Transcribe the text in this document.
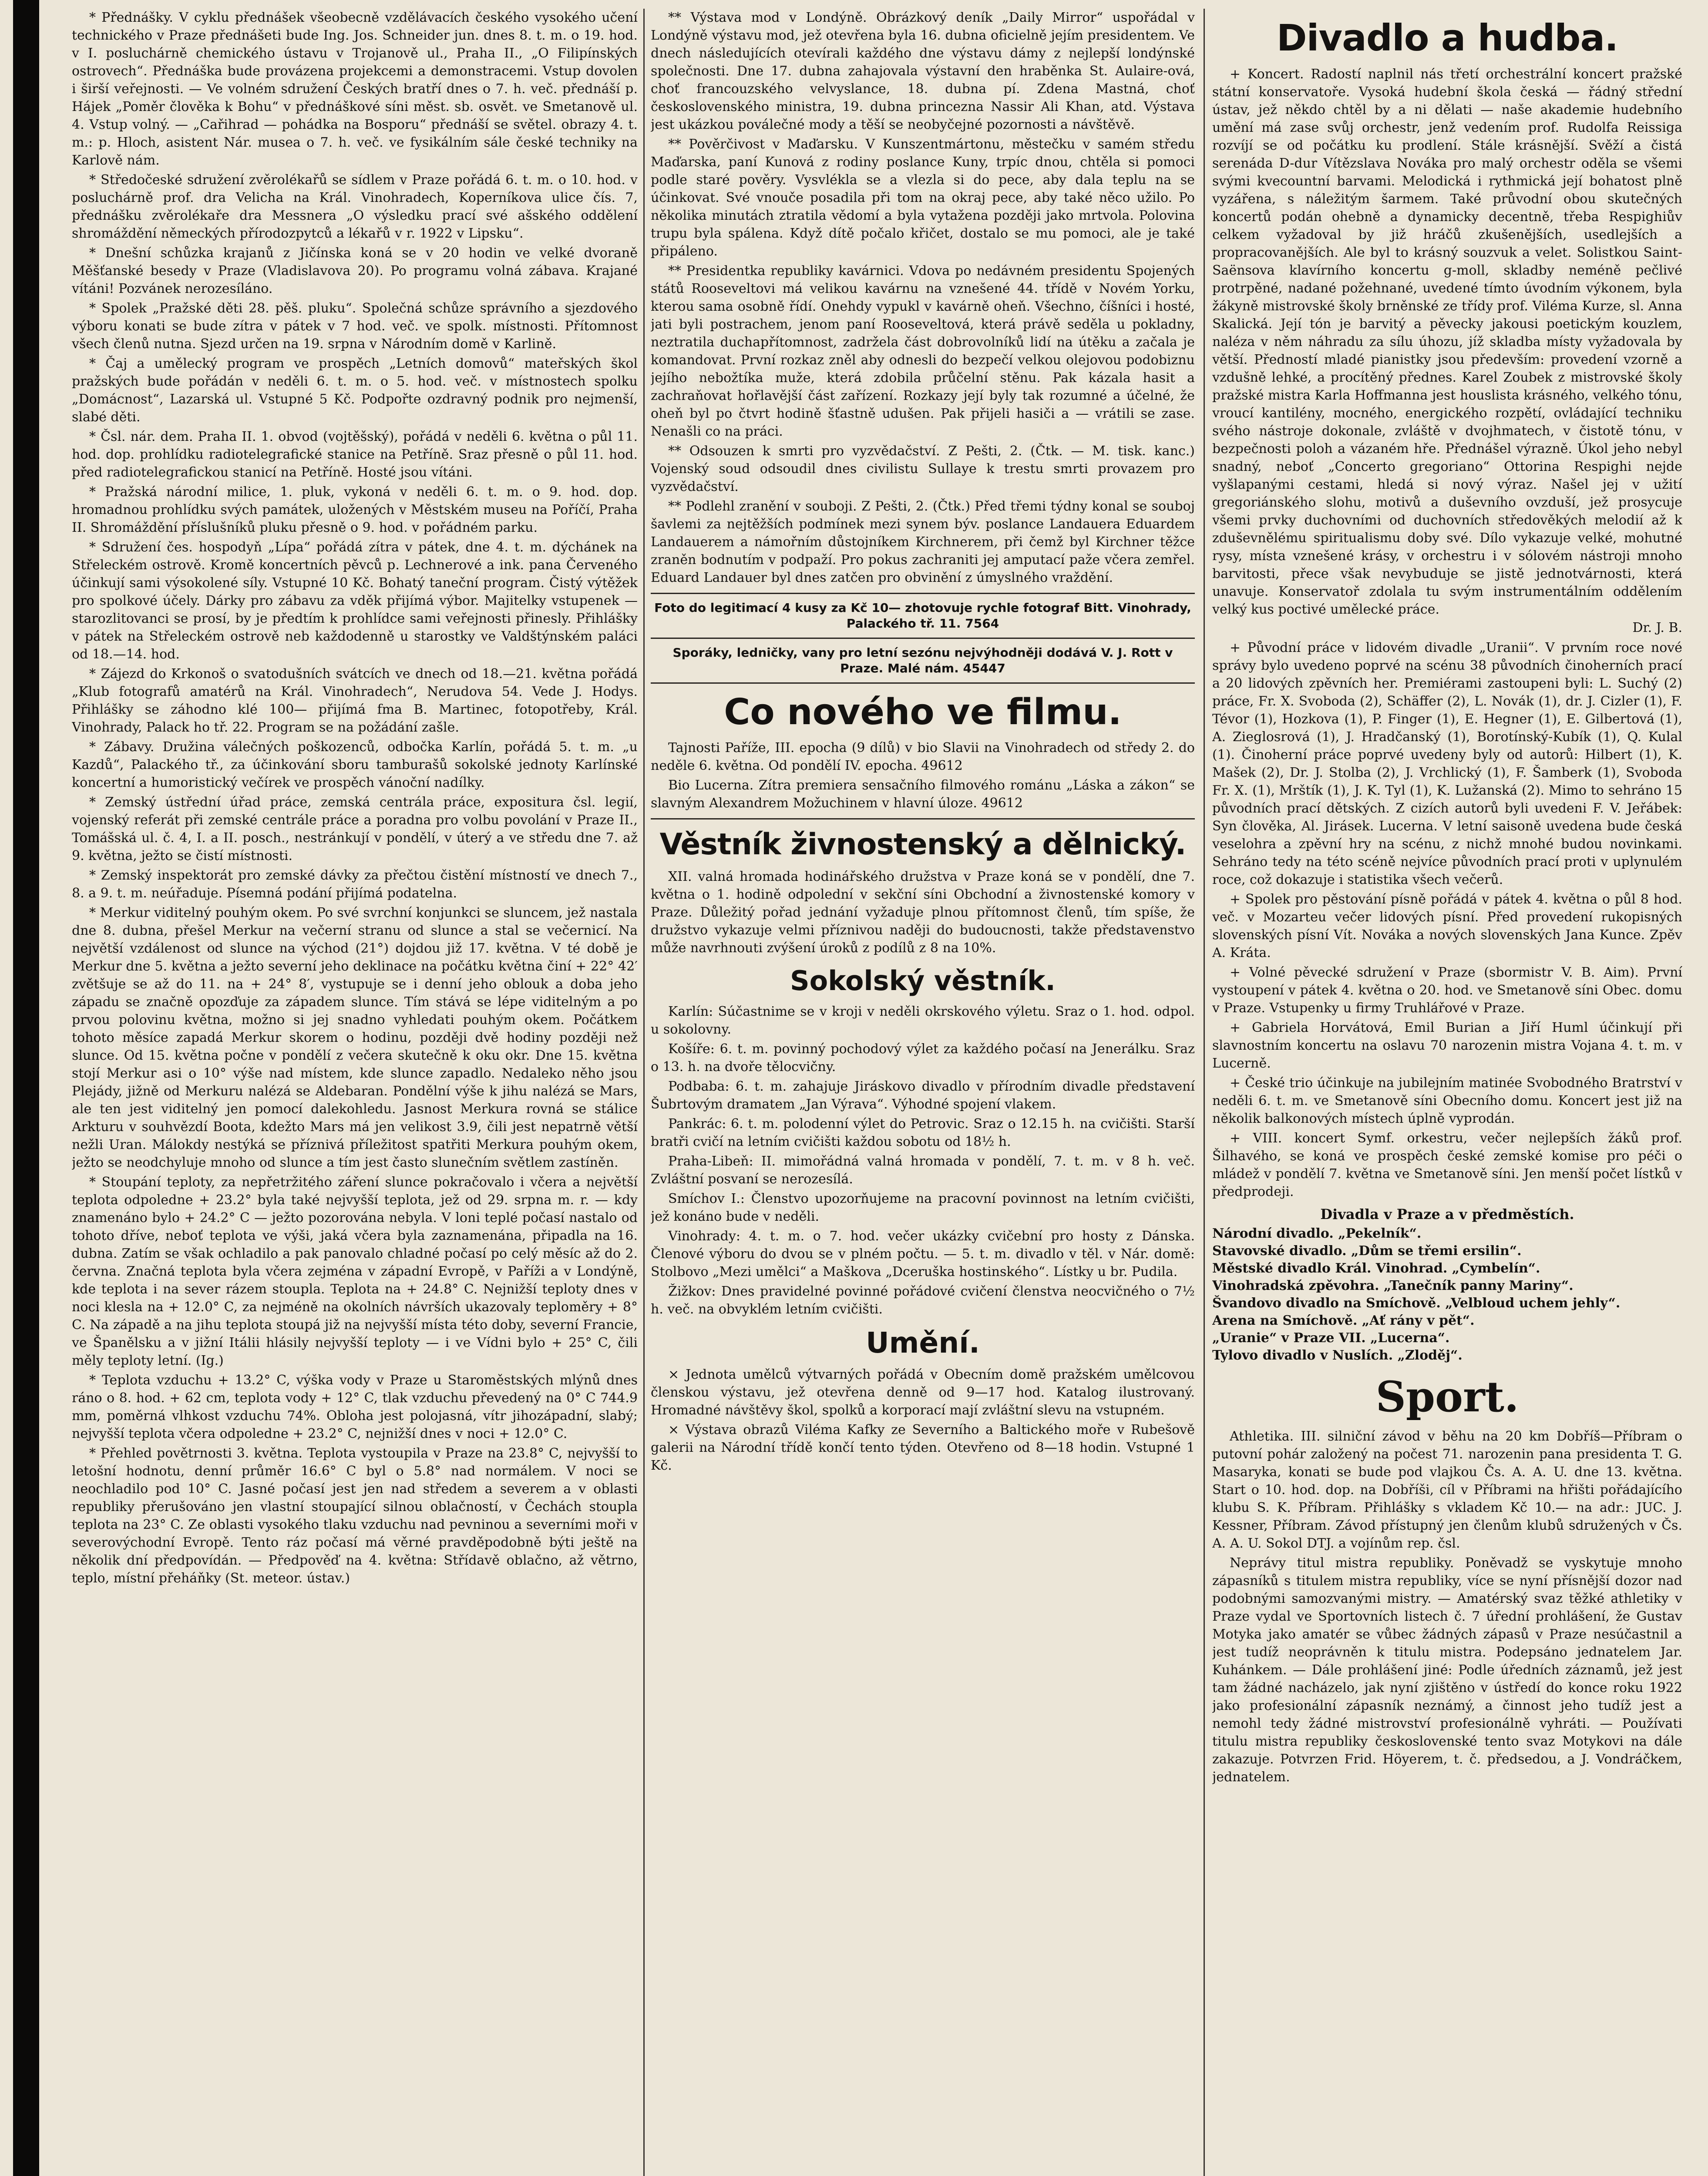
* Přednášky. V cyklu přednášek všeobecně vzdělávacích českého vysokého učení technického v Praze přednášeti bude Ing. Jos. Schneider jun. dnes 8. t. m. o 19. hod. v I. posluchárně chemického ústavu v Trojanově ul., Praha II., „O Filipínských ostrovech“. Přednáška bude provázena projekcemi a demonstracemi. Vstup dovolen i širší veřejnosti. — Ve volném sdružení Českých bratří dnes o 7. h. več. přednáší p. Hájek „Poměr člověka k Bohu“ v přednáškové síni měst. sb. osvět. ve Smetanově ul. 4. Vstup volný. — „Cařihrad — pohádka na Bosporu“ přednáší se světel. obrazy 4. t. m.: p. Hloch, asistent Nár. musea o 7. h. več. ve fysikálním sále české techniky na Karlově nám.

* Středočeské sdružení zvěrolékařů se sídlem v Praze pořádá 6. t. m. o 10. hod. v posluchárně prof. dra Velicha na Král. Vinohradech, Koperníkova ulice čís. 7, přednášku zvěrolékaře dra Messnera „O výsledku prací své ašského oddělení shromáždění německých přírodozpytců a lékařů v r. 1922 v Lipsku“.

* Dnešní schůzka krajanů z Jičínska koná se v 20 hodin ve velké dvoraně Měšťanské besedy v Praze (Vladislavova 20). Po programu volná zábava. Krajané vítáni! Pozvánek nerozesíláno.

* Spolek „Pražské děti 28. pěš. pluku“. Společná schůze správního a sjezdového výboru konati se bude zítra v pátek v 7 hod. več. ve spolk. místnosti. Přítomnost všech členů nutna. Sjezd určen na 19. srpna v Národním domě v Karlině.

* Čaj a umělecký program ve prospěch „Letních domovů“ mateřských škol pražských bude pořádán v neděli 6. t. m. o 5. hod. več. v místnostech spolku „Domácnost“, Lazarská ul. Vstupné 5 Kč. Podpořte ozdravný podnik pro nejmenší, slabé děti.

* Čsl. nár. dem. Praha II. 1. obvod (vojtěšský), pořádá v neděli 6. května o půl 11. hod. dop. prohlídku radiotelegrafické stanice na Petříně. Sraz přesně o půl 11. hod. před radiotelegrafickou stanicí na Petříně. Hosté jsou vítáni.

* Pražská národní milice, 1. pluk, vykoná v neděli 6. t. m. o 9. hod. dop. hromadnou prohlídku svých památek, uložených v Městském museu na Poříčí, Praha II. Shromáždění příslušníků pluku přesně o 9. hod. v pořádném parku.

* Sdružení čes. hospodyň „Lípa“ pořádá zítra v pátek, dne 4. t. m. dýchánek na Střeleckém ostrově. Kromě koncertních pěvců p. Lechnerové a ink. pana Červeného účinkují sami výsokolené síly. Vstupné 10 Kč. Bohatý taneční program. Čistý výtěžek pro spolkové účely. Dárky pro zábavu za vděk přijímá výbor. Majitelky vstupenek — starozlitovanci se prosí, by je předtím k prohlídce sami veřejnosti přinesly. Přihlášky v pátek na Střeleckém ostrově neb každodenně u starostky ve Valdštýnském paláci od 18.—14. hod.

* Zájezd do Krkonoš o svatodušních svátcích ve dnech od 18.—21. května pořádá „Klub fotografů amatérů na Král. Vinohradech“, Nerudova 54. Vede J. Hodys. Přihlášky se záhodno klé 100— přijímá fma B. Martinec, fotopotřeby, Král. Vinohrady, Palack ho tř. 22. Program se na požádání zašle.

* Zábavy. Družina válečných poškozenců, odbočka Karlín, pořádá 5. t. m. „u Kazdů“, Palackého tř., za účinkování sboru tamburašů sokolské jednoty Karlínské koncertní a humoristický večírek ve prospěch vánoční nadílky.

* Zemský ústřední úřad práce, zemská centrála práce, expositura čsl. legií, vojenský referát při zemské centrále práce a poradna pro volbu povolání v Praze II., Tomášská ul. č. 4, I. a II. posch., nestránkují v pondělí, v úterý a ve středu dne 7. až 9. května, ježto se čistí místnosti.

* Zemský inspektorát pro zemské dávky za přečtou čistění místností ve dnech 7., 8. a 9. t. m. neúřaduje. Písemná podání přijímá podatelna.

* Merkur viditelný pouhým okem. Po své svrchní konjunkci se sluncem, jež nastala dne 8. dubna, přešel Merkur na večerní stranu od slunce a stal se večernicí. Na největší vzdálenost od slunce na východ (21°) dojdou již 17. května. V té době je Merkur dne 5. května a ježto severní jeho deklinace na počátku května činí + 22° 42′ zvětšuje se až do 11. na + 24° 8′, vystupuje se i denní jeho oblouk a doba jeho západu se značně opozďuje za západem slunce. Tím stává se lépe viditelným a po prvou polovinu května, možno si jej snadno vyhledati pouhým okem. Počátkem tohoto měsíce zapadá Merkur skorem o hodinu, později dvě hodiny později než slunce. Od 15. května počne v pondělí z večera skutečně k oku okr. Dne 15. května stojí Merkur asi o 10° výše nad místem, kde slunce zapadlo. Nedaleko něho jsou Plejády, jižně od Merkuru nalézá se Aldebaran. Pondělní výše k jihu nalézá se Mars, ale ten jest viditelný jen pomocí dalekohledu. Jasnost Merkura rovná se stálice Arkturu v souhvězdí Boota, kdežto Mars má jen velikost 3.9, čili jest nepatrně větší nežli Uran. Málokdy nestýká se příznivá příležitost spatřiti Merkura pouhým okem, ježto se neodchyluje mnoho od slunce a tím jest často slunečním světlem zastíněn.

* Stoupání teploty, za nepřetržitého záření slunce pokračovalo i včera a největší teplota odpoledne + 23.2° byla také nejvyšší teplota, jež od 29. srpna m. r. — kdy znamenáno bylo + 24.2° C — ježto pozorována nebyla. V loni teplé počasí nastalo od tohoto dříve, neboť teplota ve výši, jaká včera byla zaznamenána, připadla na 16. dubna. Zatím se však ochladilo a pak panovalo chladné počasí po celý měsíc až do 2. června. Značná teplota byla včera zejména v západní Evropě, v Paříži a v Londýně, kde teplota i na sever rázem stoupla. Teplota na + 24.8° C. Nejnižší teploty dnes v noci klesla na + 12.0° C, za nejméně na okolních návrších ukazovaly teploměry + 8° C. Na západě a na jihu teplota stoupá již na nejvyšší místa této doby, severní Francie, ve Španělsku a v jižní Itálii hlásily nejvyšší teploty — i ve Vídni bylo + 25° C, čili měly teploty letní. (Ig.)

* Teplota vzduchu + 13.2° C, výška vody v Praze u Staroměstských mlýnů dnes ráno o 8. hod. + 62 cm, teplota vody + 12° C, tlak vzduchu převedený na 0° C 744.9 mm, poměrná vlhkost vzduchu 74%. Obloha jest polojasná, vítr jihozápadní, slabý; nejvyšší teplota včera odpoledne + 23.2° C, nejnižší dnes v noci + 12.0° C.

* Přehled povětrnosti 3. května. Teplota vystoupila v Praze na 23.8° C, nejvyšší to letošní hodnotu, denní průměr 16.6° C byl o 5.8° nad normálem. V noci se neochladilo pod 10° C. Jasné počasí jest jen nad středem a severem a v oblasti republiky přerušováno jen vlastní stoupající silnou oblačností, v Čechách stoupla teplota na 23° C. Ze oblasti vysokého tlaku vzduchu nad pevninou a severními moři v severovýchodní Evropě. Tento ráz počasí má věrné pravděpodobně býti ještě na několik dní předpovídán. — Předpověď na 4. května: Střídavě oblačno, až větrno, teplo, místní přeháňky (St. meteor. ústav.)

** Výstava mod v Londýně. Obrázkový deník „Daily Mirror“ uspořádal v Londýně výstavu mod, jež otevřena byla 16. dubna oficielně jejím presidentem. Ve dnech následujících otevírali každého dne výstavu dámy z nejlepší londýnské společnosti. Dne 17. dubna zahajovala výstavní den hraběnka St. Aulaire-ová, choť francouzského velvyslance, 18. dubna pí. Zdena Mastná, choť československého ministra, 19. dubna princezna Nassir Ali Khan, atd. Výstava jest ukázkou poválečné mody a těší se neobyčejné pozornosti a návštěvě.

** Pověrčivost v Maďarsku. V Kunszentmártonu, městečku v samém středu Maďarska, paní Kunová z rodiny poslance Kuny, trpíc dnou, chtěla si pomoci podle staré pověry. Vysvlékla se a vlezla si do pece, aby dala teplu na se účinkovat. Své vnouče posadila při tom na okraj pece, aby také něco užilo. Po několika minutách ztratila vědomí a byla vytažena později jako mrtvola. Polovina trupu byla spálena. Když dítě počalo křičet, dostalo se mu pomoci, ale je také připáleno.

** Presidentka republiky kavárnici. Vdova po nedávném presidentu Spojených států Rooseveltovi má velikou kavárnu na vznešené 44. třídě v Novém Yorku, kterou sama osobně řídí. Onehdy vypukl v kavárně oheň. Všechno, číšníci i hosté, jati byli postrachem, jenom paní Rooseveltová, která právě seděla u pokladny, neztratila duchapřítomnost, zadržela část dobrovolníků lidí na útěku a začala je komandovat. První rozkaz zněl aby odnesli do bezpečí velkou olejovou podobiznu jejího nebožtíka muže, která zdobila průčelní stěnu. Pak kázala hasit a zachraňovat hořlavější část zařízení. Rozkazy její byly tak rozumné a účelné, že oheň byl po čtvrt hodině šťastně udušen. Pak přijeli hasiči a — vrátili se zase. Nenašli co na práci.

** Odsouzen k smrti pro vyzvědačství. Z Pešti, 2. (Čtk. — M. tisk. kanc.) Vojenský soud odsoudil dnes civilistu Sullaye k trestu smrti provazem pro vyzvědačství.

** Podlehl zranění v souboji. Z Pešti, 2. (Čtk.) Před třemi týdny konal se souboj šavlemi za nejtěžších podmínek mezi synem býv. poslance Landauera Eduardem Landauerem a námořním důstojníkem Kirchnerem, při čemž byl Kirchner těžce zraněn bodnutím v podpaží. Pro pokus zachraniti jej amputací paže včera zemřel. Eduard Landauer byl dnes zatčen pro obvinění z úmyslného vraždění.

Foto do legitimací 4 kusy za Kč 10— zhotovuje rychle fotograf Bitt. Vinohrady, Palackého tř. 11. 7564

Sporáky, ledničky, vany pro letní sezónu nejvýhodněji dodává V. J. Rott v Praze. Malé nám. 45447

Co nového ve filmu.

Tajnosti Paříže, III. epocha (9 dílů) v bio Slavii na Vinohradech od středy 2. do neděle 6. května. Od pondělí IV. epocha. 49612

Bio Lucerna. Zítra premiera sensačního filmového románu „Láska a zákon“ se slavným Alexandrem Možuchinem v hlavní úloze. 49612

Věstník živnostenský a dělnický.

XII. valná hromada hodinářského družstva v Praze koná se v pondělí, dne 7. května o 1. hodině odpolední v sekční síni Obchodní a živnostenské komory v Praze. Důležitý pořad jednání vyžaduje plnou přítomnost členů, tím spíše, že družstvo vykazuje velmi příznivou naději do budoucnosti, takže představenstvo může navrhnouti zvýšení úroků z podílů z 8 na 10%.

Sokolský věstník.

Karlín: Súčastnime se v kroji v neděli okrskového výletu. Sraz o 1. hod. odpol. u sokolovny.

Košíře: 6. t. m. povinný pochodový výlet za každého počasí na Jenerálku. Sraz o 13. h. na dvoře tělocvičny.

Podbaba: 6. t. m. zahajuje Jiráskovo divadlo v přírodním divadle představení Šubrtovým dramatem „Jan Výrava“. Výhodné spojení vlakem.

Pankrác: 6. t. m. polodenní výlet do Petrovic. Sraz o 12.15 h. na cvičišti. Starší bratři cvičí na letním cvičišti každou sobotu od 18½ h.

Praha-Libeň: II. mimořádná valná hromada v pondělí, 7. t. m. v 8 h. več. Zvláštní posvaní se nerozesílá.

Smíchov I.: Členstvo upozorňujeme na pracovní povinnost na letním cvičišti, jež konáno bude v neděli.

Vinohrady: 4. t. m. o 7. hod. večer ukázky cvičební pro hosty z Dánska. Členové výboru do dvou se v plném počtu. — 5. t. m. divadlo v těl. v Nár. domě: Stolbovo „Mezi umělci“ a Maškova „Dceruška hostinského“. Lístky u br. Pudila.

Žižkov: Dnes pravidelné povinné pořádové cvičení členstva neocvičného o 7½ h. več. na obvyklém letním cvičišti.

Umění.

× Jednota umělců výtvarných pořádá v Obecním domě pražském umělcovou členskou výstavu, jež otevřena denně od 9—17 hod. Katalog ilustrovaný. Hromadné návštěvy škol, spolků a korporací mají zvláštní slevu na vstupném.

× Výstava obrazů Viléma Kafky ze Severního a Baltického moře v Rubešově galerii na Národní třídě končí tento týden. Otevřeno od 8—18 hodin. Vstupné 1 Kč.

Divadlo a hudba.

+ Koncert. Radostí naplnil nás třetí orchestrální koncert pražské státní konservatoře. Vysoká hudební škola česká — řádný střední ústav, jež někdo chtěl by a ni dělati — naše akademie hudebního umění má zase svůj orchestr, jenž vedením prof. Rudolfa Reissiga rozvíjí se od počátku ku prodlení. Stále krásnější. Svěží a čistá serenáda D-dur Vítězslava Nováka pro malý orchestr oděla se všemi svými kvecountní barvami. Melodická i rythmická její bohatost plně vyzářena, s náležitým šarmem. Také průvodní obou skutečných koncertů podán ohebně a dynamicky decentně, třeba Respighiův celkem vyžadoval by již hráčů zkušenějších, usedlejších a propracovanějších. Ale byl to krásný souzvuk a velet. Solistkou Saint-Saënsova klavírního koncertu g-moll, skladby neméně pečlivé protrpěné, nadané požehnané, uvedené tímto úvodním výkonem, byla žákyně mistrovské školy brněnské ze třídy prof. Viléma Kurze, sl. Anna Skalická. Její tón je barvitý a pěvecky jakousi poetickým kouzlem, naléza v něm náhradu za sílu úhozu, jíž skladba místy vyžadovala by větší. Předností mladé pianistky jsou především: provedení vzorně a vzdušně lehké, a procítěný přednes. Karel Zoubek z mistrovské školy pražské mistra Karla Hoffmanna jest houslista krásného, velkého tónu, vroucí kantilény, mocného, energického rozpětí, ovládající techniku svého nástroje dokonale, zvláště v dvojhmatech, v čistotě tónu, v bezpečnosti poloh a vázaném hře. Přednášel výrazně. Úkol jeho nebyl snadný, neboť „Concerto gregoriano“ Ottorina Respighi nejde vyšlapanými cestami, hledá si nový výraz. Našel jej v užití gregoriánského slohu, motivů a duševního ovzduší, jež prosycuje všemi prvky duchovními od duchovních středověkých melodií až k zduševnělému spiritualismu doby své. Dílo vykazuje velké, mohutné rysy, místa vznešené krásy, v orchestru i v sólovém nástroji mnoho barvitosti, přece však nevybuduje se jistě jednotvárnosti, která unavuje. Konservatoř zdolala tu svým instrumentálním oddělením velký kus poctivé umělecké práce.

Dr. J. B.

+ Původní práce v lidovém divadle „Uranii“. V prvním roce nové správy bylo uvedeno poprvé na scénu 38 původních činoherních prací a 20 lidových zpěvních her. Premiérami zastoupeni byli: L. Suchý (2) práce, Fr. X. Svoboda (2), Schäffer (2), L. Novák (1), dr. J. Cizler (1), F. Tévor (1), Hozkova (1), P. Finger (1), E. Hegner (1), E. Gilbertová (1), A. Zieglosrová (1), J. Hradčanský (1), Borotínský-Kubík (1), Q. Kulal (1). Činoherní práce poprvé uvedeny byly od autorů: Hilbert (1), K. Mašek (2), Dr. J. Stolba (2), J. Vrchlický (1), F. Šamberk (1), Svoboda Fr. X. (1), Mrštík (1), J. K. Tyl (1), K. Lužanská (2). Mimo to sehráno 15 původních prací dětských. Z cizích autorů byli uvedeni F. V. Jeřábek: Syn člověka, Al. Jirásek. Lucerna. V letní saisoně uvedena bude česká veselohra a zpěvní hry na scénu, z nichž mnohé budou novinkami. Sehráno tedy na této scéně nejvíce původních prací proti v uplynulém roce, což dokazuje i statistika všech večerů.

+ Spolek pro pěstování písně pořádá v pátek 4. května o půl 8 hod. več. v Mozarteu večer lidových písní. Před provedení rukopisných slovenských písní Vít. Nováka a nových slovenských Jana Kunce. Zpěv A. Kráta.

+ Volné pěvecké sdružení v Praze (sbormistr V. B. Aim). První vystoupení v pátek 4. května o 20. hod. ve Smetanově síni Obec. domu v Praze. Vstupenky u firmy Truhlářové v Praze.

+ Gabriela Horvátová, Emil Burian a Jiří Huml účinkují při slavnostním koncertu na oslavu 70 narozenin mistra Vojana 4. t. m. v Lucerně.

+ České trio účinkuje na jubilejním matinée Svobodného Bratrství v neděli 6. t. m. ve Smetanově síni Obecního domu. Koncert jest již na několik balkonových místech úplně vyprodán.

+ VIII. koncert Symf. orkestru, večer nejlepších žáků prof. Šilhavého, se koná ve prospěch české zemské komise pro péči o mládež v pondělí 7. května ve Smetanově síni. Jen menší počet lístků v předprodeji.

Divadla v Praze a v předměstích.

Národní divadlo. „Pekelník“.

Stavovské divadlo. „Dům se třemi ersilin“.

Městské divadlo Král. Vinohrad. „Cymbelín“.

Vinohradská zpěvohra. „Tanečník panny Mariny“.

Švandovo divadlo na Smíchově. „Velbloud uchem jehly“.

Arena na Smíchově. „Ať rány v pět“.

„Uranie“ v Praze VII. „Lucerna“.

Tylovo divadlo v Nuslích. „Zloděj“.

Sport.

Athletika. III. silniční závod v běhu na 20 km Dobříš—Příbram o putovní pohár založený na počest 71. narozenin pana presidenta T. G. Masaryka, konati se bude pod vlajkou Čs. A. A. U. dne 13. května. Start o 10. hod. dop. na Dobříši, cíl v Příbrami na hřišti pořádajícího klubu S. K. Příbram. Přihlášky s vkladem Kč 10.— na adr.: JUC. J. Kessner, Příbram. Závod přístupný jen členům klubů sdružených v Čs. A. A. U. Sokol DTJ. a vojínům rep. čsl.

Neprávy titul mistra republiky. Poněvadž se vyskytuje mnoho zápasníků s titulem mistra republiky, více se nyní přísnější dozor nad podobnými samozvanými mistry. — Amatérský svaz těžké athletiky v Praze vydal ve Sportovních listech č. 7 úřední prohlášení, že Gustav Motyka jako amatér se vůbec žádných zápasů v Praze nesúčastnil a jest tudíž neoprávněn k titulu mistra. Podepsáno jednatelem Jar. Kuhánkem. — Dále prohlášení jiné: Podle úředních záznamů, jež jest tam žádné nacházelo, jak nyní zjištěno v ústředí do konce roku 1922 jako profesionální zápasník neznámý, a činnost jeho tudíž jest a nemohl tedy žádné mistrovství profesionálně vyhráti. — Používati titulu mistra republiky československé tento svaz Motykovi na dále zakazuje. Potvrzen Frid. Höyerem, t. č. předsedou, a J. Vondráčkem, jednatelem.
